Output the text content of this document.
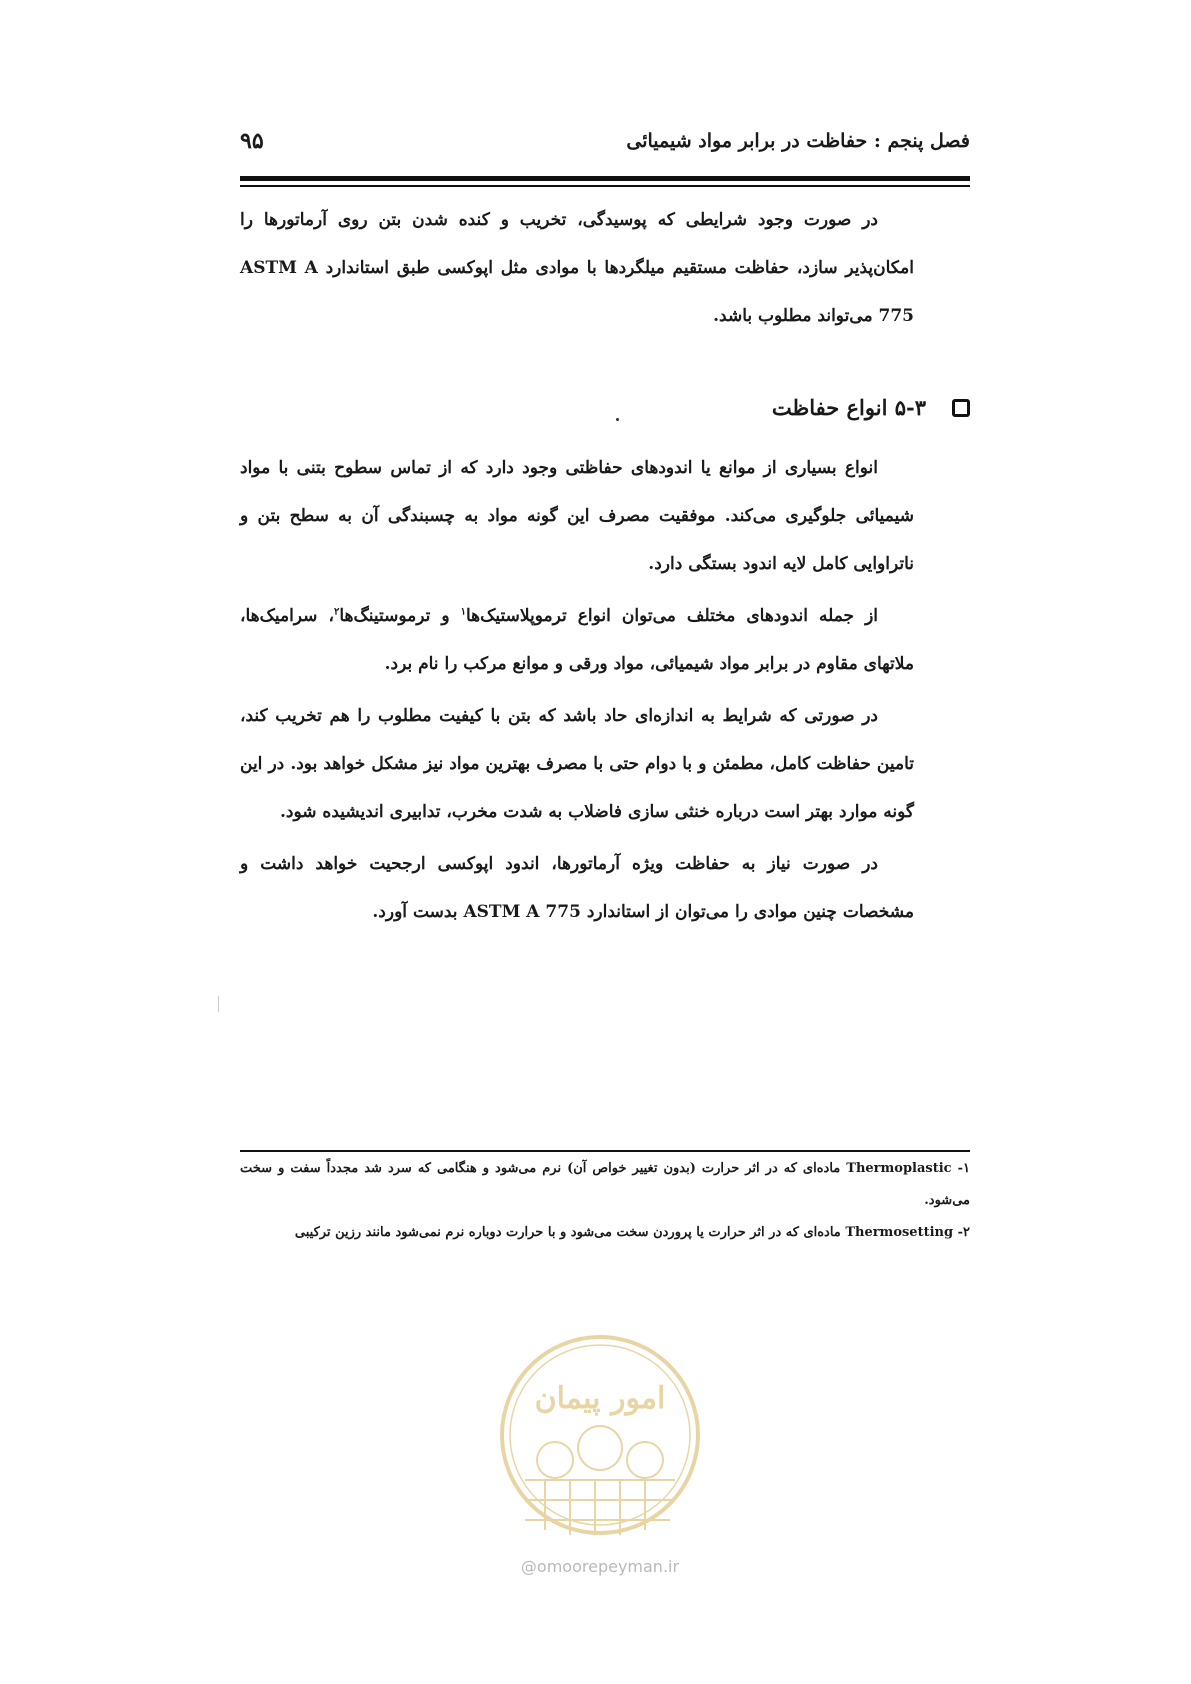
فصل پنجم : حفاظت در برابر مواد شیمیائی
۹۵

در صورت وجود شرایطی که پوسیدگی، تخریب و کنده شدن بتن روی آرماتورها را امکان‌پذیر سازد، حفاظت مستقیم میلگردها با موادی مثل اپوکسی طبق استاندارد ASTM A 775 می‌تواند مطلوب باشد.

۵-۳ انواع حفاظت

انواع بسیاری از موانع یا اندودهای حفاظتی وجود دارد که از تماس سطوح بتنی با مواد شیمیائی جلوگیری می‌کند. موفقیت مصرف این گونه مواد به چسبندگی آن به سطح بتن و ناتراوایی کامل لایه اندود بستگی دارد.

از جمله اندودهای مختلف می‌توان انواع ترموپلاستیک‌ها$^۱$ و ترموستینگ‌ها$^۲$، سرامیک‌ها، ملاتهای مقاوم در برابر مواد شیمیائی، مواد ورقی و موانع مرکب را نام برد.

در صورتی که شرایط به اندازه‌ای حاد باشد که بتن با کیفیت مطلوب را هم تخریب کند، تامین حفاظت کامل، مطمئن و با دوام حتی با مصرف بهترین مواد نیز مشکل خواهد بود. در این گونه موارد بهتر است درباره خنثی سازی فاضلاب به شدت مخرب، تدابیری اندیشیده شود.

در صورت نیاز به حفاظت ویژه آرماتورها، اندود اپوکسی ارجحیت خواهد داشت و مشخصات چنین موادی را می‌توان از استاندارد ASTM A 775 بدست آورد.

۱- Thermoplastic ماده‌ای که در اثر حرارت (بدون تغییر خواص آن) نرم می‌شود و هنگامی که سرد شد مجدداً سفت و سخت می‌شود.

۲- Thermosetting ماده‌ای که در اثر حرارت یا پروردن سخت می‌شود و با حرارت دوباره نرم نمی‌شود مانند رزین ترکیبی

امور پیمان
@omoorepeyman.ir
